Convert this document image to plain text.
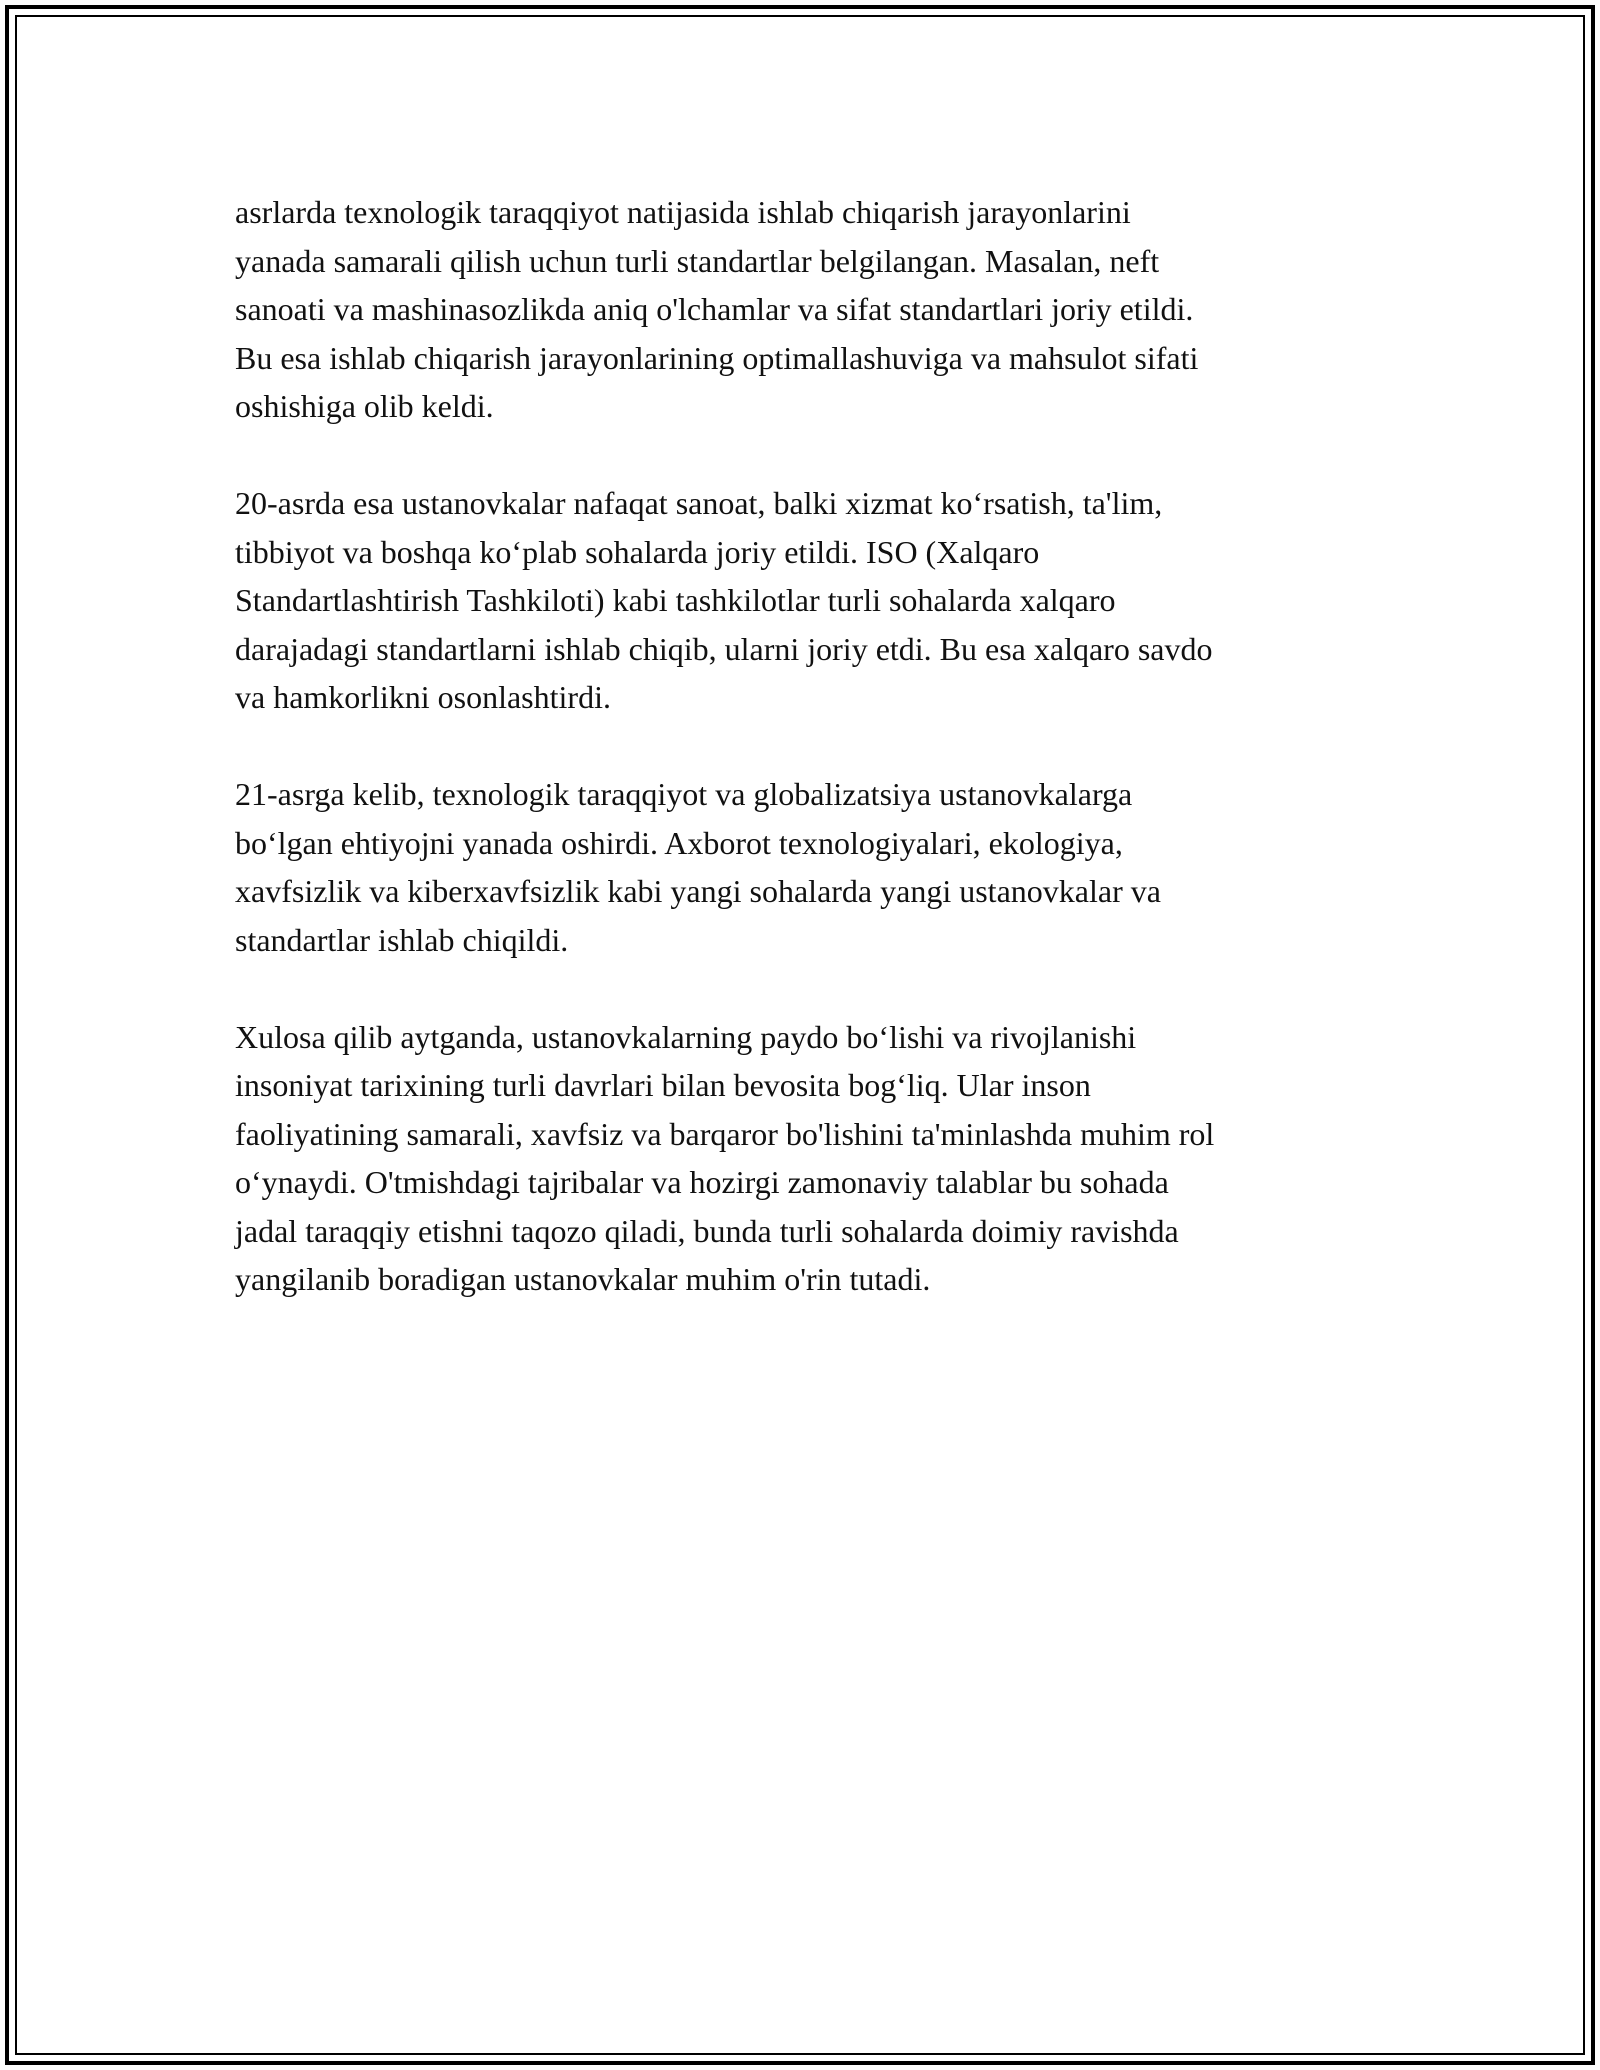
asrlarda texnologik taraqqiyot natijasida ishlab chiqarish jarayonlarini
yanada samarali qilish uchun turli standartlar belgilangan. Masalan, neft
sanoati va mashinasozlikda aniq o'lchamlar va sifat standartlari joriy etildi.
Bu esa ishlab chiqarish jarayonlarining optimallashuviga va mahsulot sifati
oshishiga olib keldi.

20-asrda esa ustanovkalar nafaqat sanoat, balki xizmat ko‘rsatish, ta'lim,
tibbiyot va boshqa ko‘plab sohalarda joriy etildi. ISO (Xalqaro
Standartlashtirish Tashkiloti) kabi tashkilotlar turli sohalarda xalqaro
darajadagi standartlarni ishlab chiqib, ularni joriy etdi. Bu esa xalqaro savdo
va hamkorlikni osonlashtirdi.

21-asrga kelib, texnologik taraqqiyot va globalizatsiya ustanovkalarga
bo‘lgan ehtiyojni yanada oshirdi. Axborot texnologiyalari, ekologiya,
xavfsizlik va kiberxavfsizlik kabi yangi sohalarda yangi ustanovkalar va
standartlar ishlab chiqildi.

Xulosa qilib aytganda, ustanovkalarning paydo bo‘lishi va rivojlanishi
insoniyat tarixining turli davrlari bilan bevosita bog‘liq. Ular inson
faoliyatining samarali, xavfsiz va barqaror bo'lishini ta'minlashda muhim rol
o‘ynaydi. O'tmishdagi tajribalar va hozirgi zamonaviy talablar bu sohada
jadal taraqqiy etishni taqozo qiladi, bunda turli sohalarda doimiy ravishda
yangilanib boradigan ustanovkalar muhim o'rin tutadi.
